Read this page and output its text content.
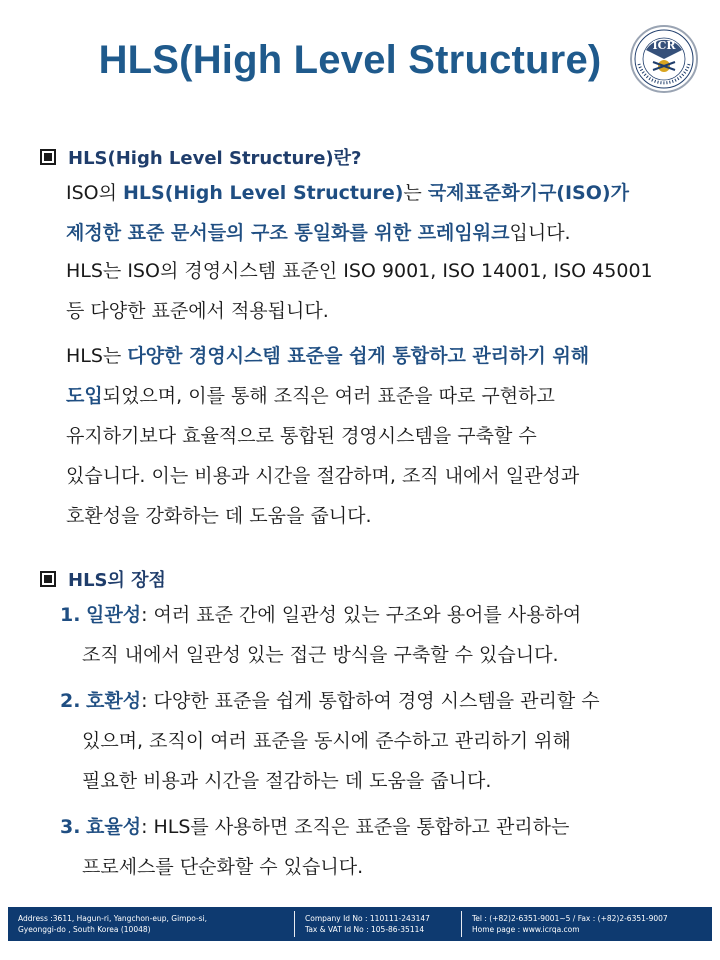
HLS(High Level Structure)	ICR
HLS(High Level Structure)란?
ISO의 HLS(High Level Structure)는 국제표준화기구(ISO)가
제정한 표준 문서들의 구조 통일화를 위한 프레임워크입니다.
HLS는 ISO의 경영시스템 표준인 ISO 9001, ISO 14001, ISO 45001
등 다양한 표준에서 적용됩니다.
HLS는 다양한 경영시스템 표준을 쉽게 통합하고 관리하기 위해
도입되었으며, 이를 통해 조직은 여러 표준을 따로 구현하고
유지하기보다 효율적으로 통합된 경영시스템을 구축할 수
있습니다. 이는 비용과 시간을 절감하며, 조직 내에서 일관성과
호환성을 강화하는 데 도움을 줍니다.
HLS의 장점
1. 일관성: 여러 표준 간에 일관성 있는 구조와 용어를 사용하여
조직 내에서 일관성 있는 접근 방식을 구축할 수 있습니다.
2. 호환성: 다양한 표준을 쉽게 통합하여 경영 시스템을 관리할 수
있으며, 조직이 여러 표준을 동시에 준수하고 관리하기 위해
필요한 비용과 시간을 절감하는 데 도움을 줍니다.
3. 효율성: HLS를 사용하면 조직은 표준을 통합하고 관리하는
프로세스를 단순화할 수 있습니다.
Address :3611, Hagun-ri, Yangchon-eup, Gimpo-si,
Gyeonggi-do , South Korea (10048)
Company Id No : 110111-243147
Tax & VAT Id No : 105-86-35114
Tel : (+82)2-6351-9001~5 / Fax : (+82)2-6351-9007
Home page : www.icrqa.com
